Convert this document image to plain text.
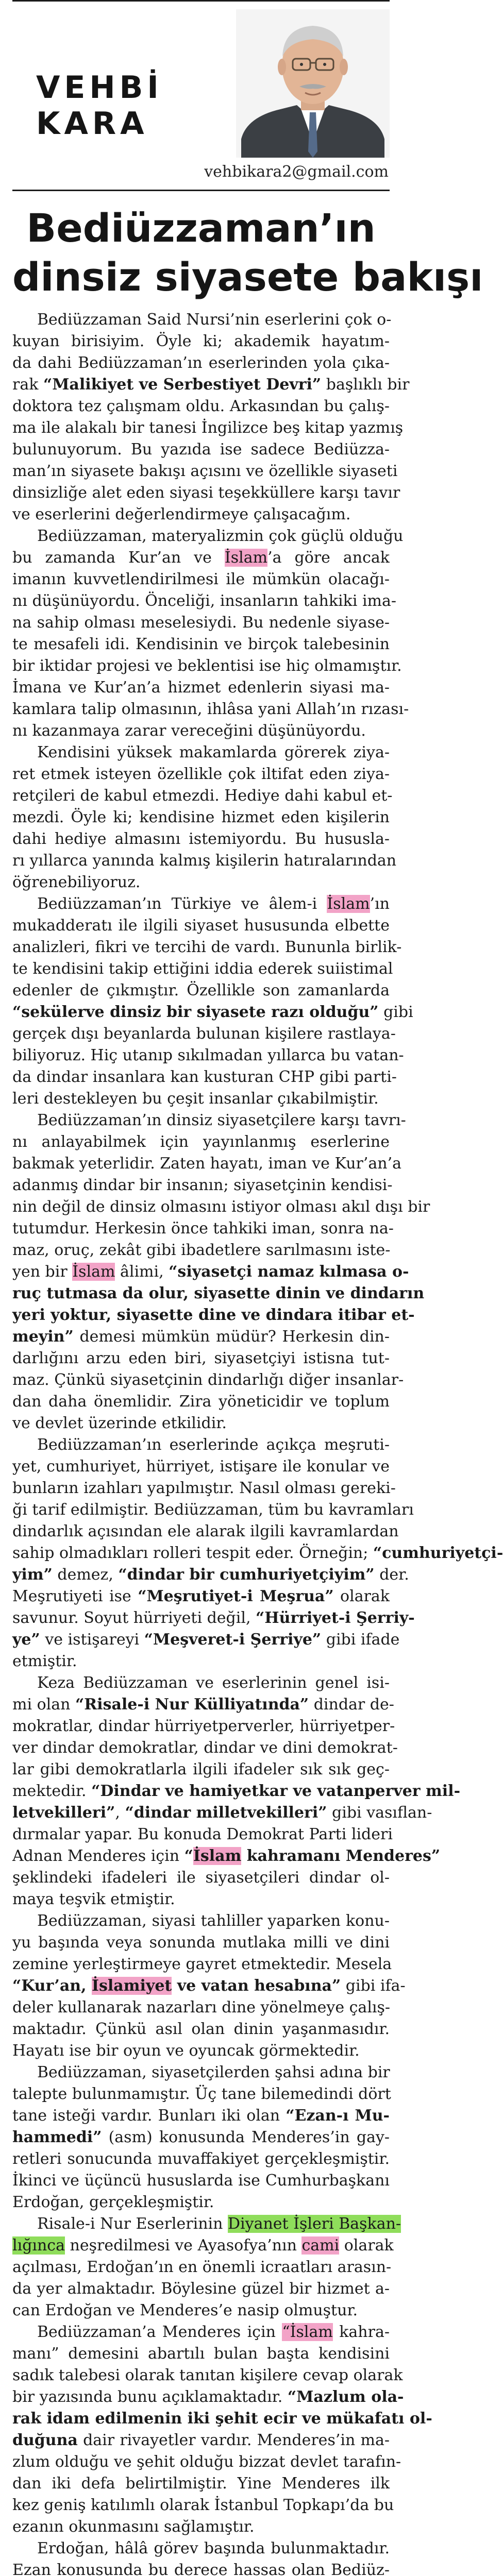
VEHBİ
KARA
vehbikara2@gmail.com
Bediüzzaman’ın
dinsiz siyasete bakışı
Bediüzzaman Said Nursi’nin eserlerini çok o-
kuyan birisiyim. Öyle ki; akademik hayatım-
da dahi Bediüzzaman’ın eserlerinden yola çıka-
rak “Malikiyet ve Serbestiyet Devri” başlıklı bir
doktora tez çalışmam oldu. Arkasından bu çalış-
ma ile alakalı bir tanesi İngilizce beş kitap yazmış
bulunuyorum. Bu yazıda ise sadece Bediüzza-
man’ın siyasete bakışı açısını ve özellikle siyaseti
dinsizliğe alet eden siyasi teşekküllere karşı tavır
ve eserlerini değerlendirmeye çalışacağım.
Bediüzzaman, materyalizmin çok güçlü olduğu
bu zamanda Kur’an ve İslam’a göre ancak
imanın kuvvetlendirilmesi ile mümkün olacağı-
nı düşünüyordu. Önceliği, insanların tahkiki ima-
na sahip olması meselesiydi. Bu nedenle siyase-
te mesafeli idi. Kendisinin ve birçok talebesinin
bir iktidar projesi ve beklentisi ise hiç olmamıştır.
İmana ve Kur’an’a hizmet edenlerin siyasi ma-
kamlara talip olmasının, ihlâsa yani Allah’ın rızası-
nı kazanmaya zarar vereceğini düşünüyordu.
Kendisini yüksek makamlarda görerek ziya-
ret etmek isteyen özellikle çok iltifat eden ziya-
retçileri de kabul etmezdi. Hediye dahi kabul et-
mezdi. Öyle ki; kendisine hizmet eden kişilerin
dahi hediye almasını istemiyordu. Bu hususla-
rı yıllarca yanında kalmış kişilerin hatıralarından
öğrenebiliyoruz.
Bediüzzaman’ın Türkiye ve âlem-i İslam’ın
mukadderatı ile ilgili siyaset hususunda elbette
analizleri, fikri ve tercihi de vardı. Bununla birlik-
te kendisini takip ettiğini iddia ederek suiistimal
edenler de çıkmıştır. Özellikle son zamanlarda
“sekülerve dinsiz bir siyasete razı olduğu” gibi
gerçek dışı beyanlarda bulunan kişilere rastlaya-
biliyoruz. Hiç utanıp sıkılmadan yıllarca bu vatan-
da dindar insanlara kan kusturan CHP gibi parti-
leri destekleyen bu çeşit insanlar çıkabilmiştir.
Bediüzzaman’ın dinsiz siyasetçilere karşı tavrı-
nı anlayabilmek için yayınlanmış eserlerine
bakmak yeterlidir. Zaten hayatı, iman ve Kur’an’a
adanmış dindar bir insanın; siyasetçinin kendisi-
nin değil de dinsiz olmasını istiyor olması akıl dışı bir
tutumdur. Herkesin önce tahkiki iman, sonra na-
maz, oruç, zekât gibi ibadetlere sarılmasını iste-
yen bir İslam âlimi, “siyasetçi namaz kılmasa o-
ruç tutmasa da olur, siyasette dinin ve dindarın
yeri yoktur, siyasette dine ve dindara itibar et-
meyin” demesi mümkün müdür? Herkesin din-
darlığını arzu eden biri, siyasetçiyi istisna tut-
maz. Çünkü siyasetçinin dindarlığı diğer insanlar-
dan daha önemlidir. Zira yöneticidir ve toplum
ve devlet üzerinde etkilidir.
Bediüzzaman’ın eserlerinde açıkça meşruti-
yet, cumhuriyet, hürriyet, istişare ile konular ve
bunların izahları yapılmıştır. Nasıl olması gereki-
ği tarif edilmiştir. Bediüzzaman, tüm bu kavramları
dindarlık açısından ele alarak ilgili kavramlardan
sahip olmadıkları rolleri tespit eder. Örneğin; “cumhuriyetçi-
yim” demez, “dindar bir cumhuriyetçiyim” der.
Meşrutiyeti ise “Meşrutiyet-i Meşrua” olarak
savunur. Soyut hürriyeti değil, “Hürriyet-i Şerriy-
ye” ve istişareyi “Meşveret-i Şerriye” gibi ifade
etmiştir.
Keza Bediüzzaman ve eserlerinin genel isi-
mi olan “Risale-i Nur Külliyatında” dindar de-
mokratlar, dindar hürriyetperverler, hürriyetper-
ver dindar demokratlar, dindar ve dini demokrat-
lar gibi demokratlarla ilgili ifadeler sık sık geç-
mektedir. “Dindar ve hamiyetkar ve vatanperver mil-
letvekilleri”, “dindar milletvekilleri” gibi vasıflan-
dırmalar yapar. Bu konuda Demokrat Parti lideri
Adnan Menderes için “İslam kahramanı Menderes”
şeklindeki ifadeleri ile siyasetçileri dindar ol-
maya teşvik etmiştir.
Bediüzzaman, siyasi tahliller yaparken konu-
yu başında veya sonunda mutlaka milli ve dini
zemine yerleştirmeye gayret etmektedir. Mesela
“Kur’an, İslamiyet ve vatan hesabına” gibi ifa-
deler kullanarak nazarları dine yönelmeye çalış-
maktadır. Çünkü asıl olan dinin yaşanmasıdır.
Hayatı ise bir oyun ve oyuncak görmektedir.
Bediüzzaman, siyasetçilerden şahsi adına bir
talepte bulunmamıştır. Üç tane bilemedindi dört
tane isteği vardır. Bunları iki olan “Ezan-ı Mu-
hammedi” (asm) konusunda Menderes’in gay-
retleri sonucunda muvaffakiyet gerçekleşmiştir.
İkinci ve üçüncü hususlarda ise Cumhurbaşkanı
Erdoğan, gerçekleşmiştir.
Risale-i Nur Eserlerinin Diyanet İşleri Başkan-
lığınca neşredilmesi ve Ayasofya’nın cami olarak
açılması, Erdoğan’ın en önemli icraatları arasın-
da yer almaktadır. Böylesine güzel bir hizmet a-
can Erdoğan ve Menderes’e nasip olmuştur.
Bediüzzaman’a Menderes için “İslam kahra-
manı” demesini abartılı bulan başta kendisini
sadık talebesi olarak tanıtan kişilere cevap olarak
bir yazısında bunu açıklamaktadır. “Mazlum ola-
rak idam edilmenin iki şehit ecir ve mükafatı ol-
duğuna dair rivayetler vardır. Menderes’in ma-
zlum olduğu ve şehit olduğu bizzat devlet tarafın-
dan iki defa belirtilmiştir. Yine Menderes ilk
kez geniş katılımlı olarak İstanbul Topkapı’da bu
ezanın okunmasını sağlamıştır.
Erdoğan, hâlâ görev başında bulunmaktadır.
Ezan konusunda bu derece hassas olan Bediüz-
